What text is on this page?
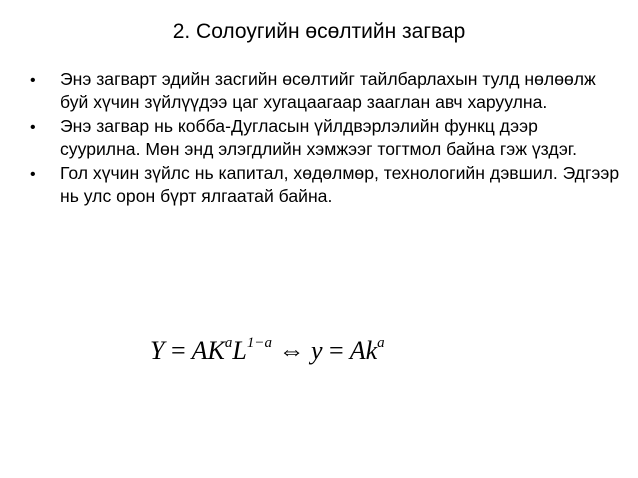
2. Солоугийн өсөлтийн загвар
• Энэ загварт эдийн засгийн өсөлтийг тайлбарлахын тулд нөлөөлж буй хүчин зүйлүүдээ цаг хугацаагаар зааглан авч харуулна.
• Энэ загвар нь кобба-Дугласын үйлдвэрлэлийн функц дээр суурилна. Мөн энд элэгдлийн хэмжээг тогтмол байна гэж үздэг.
• Гол хүчин зүйлс нь капитал, хөдөлмөр, технологийн дэвшил. Эдгээр нь улс орон бүрт ялгаатай байна.
$Y = AK^aL^{1-a}$ ⇔ $y = Ak^a$
